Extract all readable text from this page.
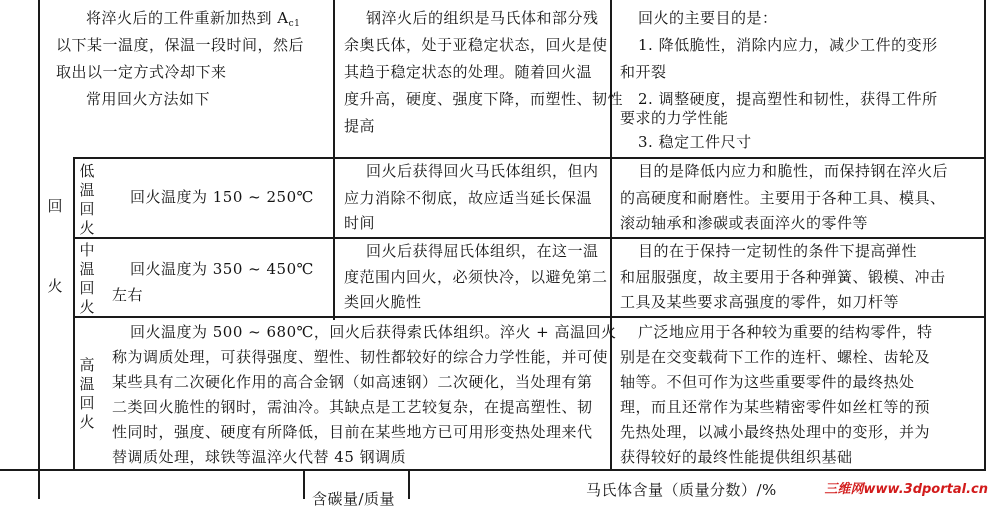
回
火
将淬火后的工件重新加热到 $A_{c1}$
以下某一温度，保温一段时间，然后
取出以一定方式冷却下来
常用回火方法如下
钢淬火后的组织是马氏体和部分残
余奥氏体，处于亚稳定状态，回火是使
其趋于稳定状态的处理。随着回火温
度升高，硬度、强度下降，而塑性、韧性
提高
回火的主要目的是：
1. 降低脆性，消除内应力，减少工件的变形
和开裂
2. 调整硬度，提高塑性和韧性，获得工件所
要求的力学性能
3. 稳定工件尺寸
低
温
回
火
回火温度为 150 ~ 250℃
回火后获得回火马氏体组织，但内
应力消除不彻底，故应适当延长保温
时间
目的是降低内应力和脆性，而保持钢在淬火后
的高硬度和耐磨性。主要用于各种工具、模具、
滚动轴承和渗碳或表面淬火的零件等
中
温
回
火
回火温度为 350 ~ 450℃
左右
回火后获得屈氏体组织，在这一温
度范围内回火，必须快冷，以避免第二
类回火脆性
目的在于保持一定韧性的条件下提高弹性
和屈服强度，故主要用于各种弹簧、锻模、冲击
工具及某些要求高强度的零件，如刀杆等
高
温
回
火
回火温度为 500 ~ 680℃，回火后获得索氏体组织。淬火 + 高温回火
称为调质处理，可获得强度、塑性、韧性都较好的综合力学性能，并可使
某些具有二次硬化作用的高合金钢（如高速钢）二次硬化，当处理有第
二类回火脆性的钢时，需油冷。其缺点是工艺较复杂，在提高塑性、韧
性同时，强度、硬度有所降低，目前在某些地方已可用形变热处理来代
替调质处理，球铁等温淬火代替 45 钢调质
广泛地应用于各种较为重要的结构零件，特
别是在交变载荷下工作的连杆、螺栓、齿轮及
轴等。不但可作为这些重要零件的最终热处
理，而且还常作为某些精密零件如丝杠等的预
先热处理，以减小最终热处理中的变形，并为
获得较好的最终性能提供组织基础
含碳量/质量	马氏体含量（质量分数）/%	三维网www.3dportal.cn
